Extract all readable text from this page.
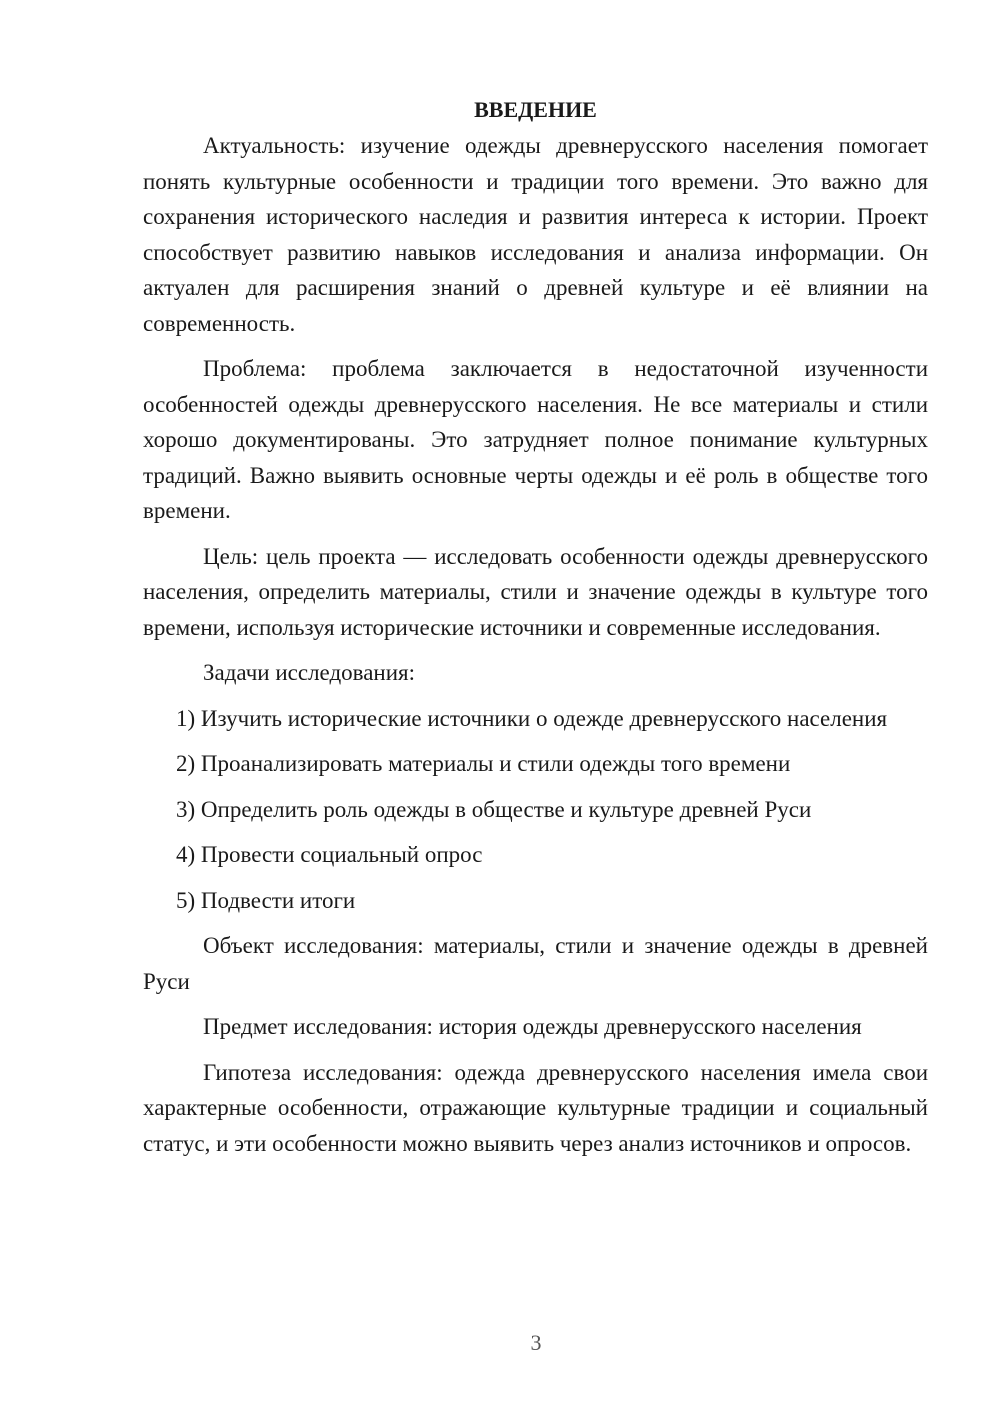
ВВЕДЕНИЕ

Актуальность: изучение одежды древнерусского населения помогает понять культурные особенности и традиции того времени. Это важно для сохранения исторического наследия и развития интереса к истории. Проект способствует развитию навыков исследования и анализа информации. Он актуален для расширения знаний о древней культуре и её влиянии на современность.

Проблема: проблема заключается в недостаточной изученности особенностей одежды древнерусского населения. Не все материалы и стили хорошо документированы. Это затрудняет полное понимание культурных традиций. Важно выявить основные черты одежды и её роль в обществе того времени.

Цель: цель проекта — исследовать особенности одежды древнерусского населения, определить материалы, стили и значение одежды в культуре того времени, используя исторические источники и современные исследования.

Задачи исследования:

1) Изучить исторические источники о одежде древнерусского населения

2) Проанализировать материалы и стили одежды того времени

3) Определить роль одежды в обществе и культуре древней Руси

4) Провести социальный опрос

5) Подвести итоги

Объект исследования: материалы, стили и значение одежды в древней Руси

Предмет исследования: история одежды древнерусского населения

Гипотеза исследования: одежда древнерусского населения имела свои характерные особенности, отражающие культурные традиции и социальный статус, и эти особенности можно выявить через анализ источников и опросов.

3
